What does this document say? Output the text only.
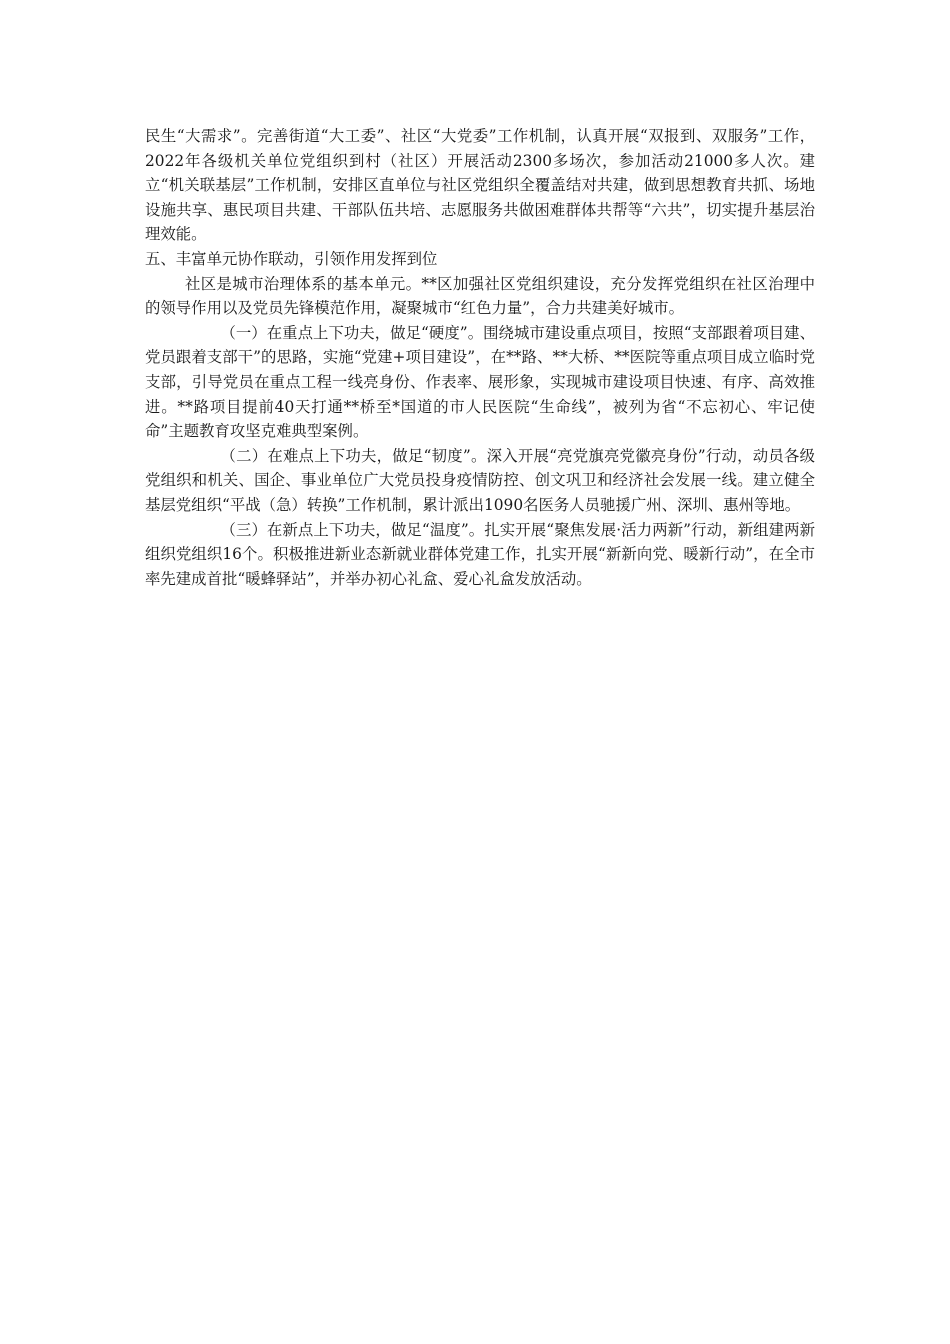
民生“大需求”。完善街道“大工委”、社区“大党委”工作机制，认真开展“双报到、双服务”工作，2022年各级机关单位党组织到村（社区）开展活动2300多场次，参加活动21000多人次。建立“机关联基层”工作机制，安排区直单位与社区党组织全覆盖结对共建，做到思想教育共抓、场地设施共享、惠民项目共建、干部队伍共培、志愿服务共做困难群体共帮等“六共”，切实提升基层治理效能。

五、丰富单元协作联动，引领作用发挥到位

社区是城市治理体系的基本单元。**区加强社区党组织建设，充分发挥党组织在社区治理中的领导作用以及党员先锋模范作用，凝聚城市“红色力量”，合力共建美好城市。

（一）在重点上下功夫，做足“硬度”。围绕城市建设重点项目，按照“支部跟着项目建、党员跟着支部干”的思路，实施“党建+项目建设”，在**路、**大桥、**医院等重点项目成立临时党支部，引导党员在重点工程一线亮身份、作表率、展形象，实现城市建设项目快速、有序、高效推进。**路项目提前40天打通**桥至*国道的市人民医院“生命线”，被列为省“不忘初心、牢记使命”主题教育攻坚克难典型案例。

（二）在难点上下功夫，做足“韧度”。深入开展“亮党旗亮党徽亮身份”行动，动员各级党组织和机关、国企、事业单位广大党员投身疫情防控、创文巩卫和经济社会发展一线。建立健全基层党组织“平战（急）转换”工作机制，累计派出1090名医务人员驰援广州、深圳、惠州等地。

（三）在新点上下功夫，做足“温度”。扎实开展“聚焦发展·活力两新”行动，新组建两新组织党组织16个。积极推进新业态新就业群体党建工作，扎实开展“新新向党、暖新行动”，在全市率先建成首批“暖蜂驿站”，并举办初心礼盒、爱心礼盒发放活动。
